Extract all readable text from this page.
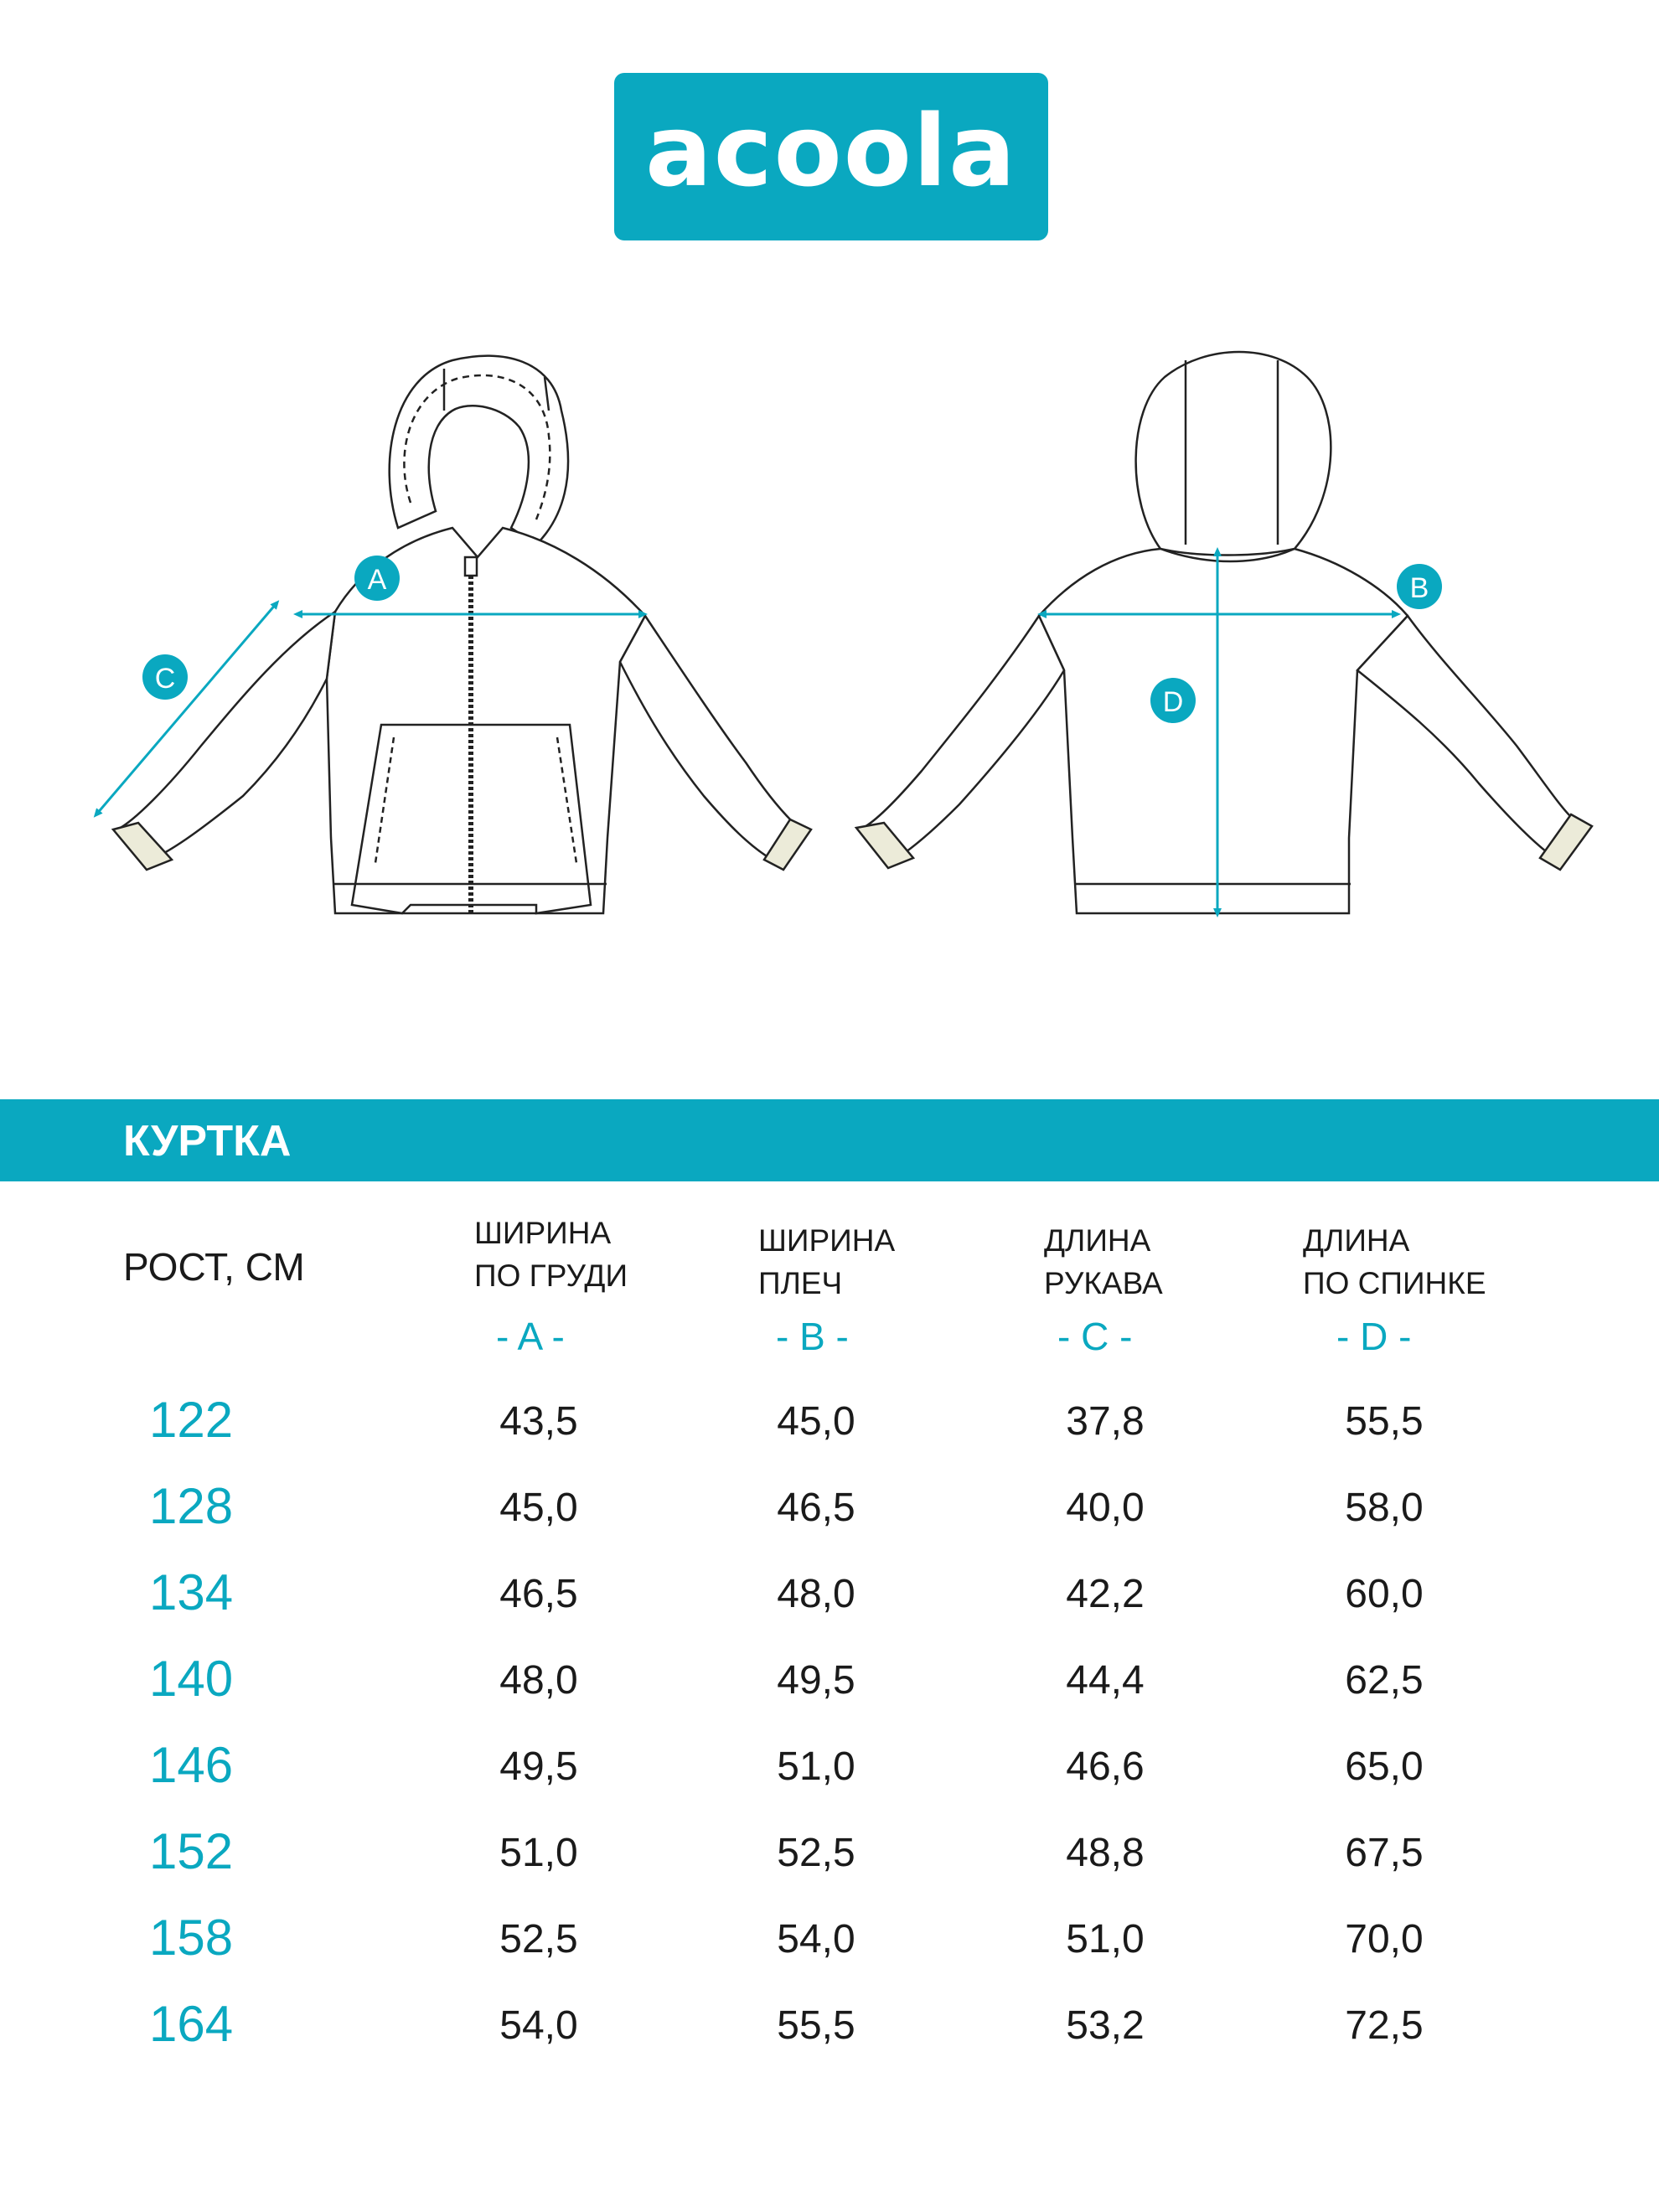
acoola
A
C
B
D
КУРТКА
РОСТ, СМ
ШИРИНА
ПО ГРУДИ
ШИРИНА
ПЛЕЧ
ДЛИНА
РУКАВА
ДЛИНА
ПО СПИНКЕ
- A -	- B -	- C -	- D -
122	43,5	45,0	37,8	55,5
128	45,0	46,5	40,0	58,0
134	46,5	48,0	42,2	60,0
140	48,0	49,5	44,4	62,5
146	49,5	51,0	46,6	65,0
152	51,0	52,5	48,8	67,5
158	52,5	54,0	51,0	70,0
164	54,0	55,5	53,2	72,5
